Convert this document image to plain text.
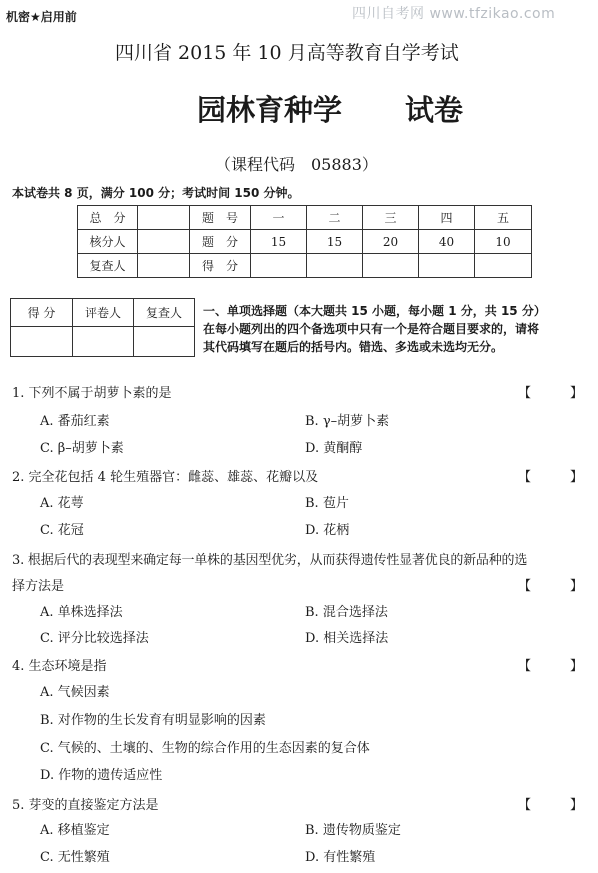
机密★启用前	四川自考网 www.tfzikao.com
四川省 2015 年 10 月高等教育自学考试
园林育种学 试卷
（课程代码　05883）
本试卷共 8 页，满分 100 分；考试时间 150 分钟。
总　分		题　号	一	二	三	四	五
核分人		题　分	15	15	20	40	10
复查人		得　分					
得 分	评卷人	复查人
		一、单项选择题（本大题共 15 小题，每小题 1 分，共 15 分）
在每小题列出的四个备选项中只有一个是符合题目要求的，请将
其代码填写在题后的括号内。错选、多选或未选均无分。
1. 下列不属于胡萝卜素的是	【	】
A. 番茄红素	B. γ–胡萝卜素
C. β–胡萝卜素	D. 黄酮醇
2. 完全花包括 4 轮生殖器官：雌蕊、雄蕊、花瓣以及	【	】
A. 花萼	B. 苞片
C. 花冠	D. 花柄
3. 根据后代的表现型来确定每一单株的基因型优劣，从而获得遗传性显著优良的新品种的选
择方法是	【	】
A. 单株选择法	B. 混合选择法
C. 评分比较选择法	D. 相关选择法
4. 生态环境是指	【	】
A. 气候因素
B. 对作物的生长发育有明显影响的因素
C. 气候的、土壤的、生物的综合作用的生态因素的复合体
D. 作物的遗传适应性
5. 芽变的直接鉴定方法是	【	】
A. 移植鉴定	B. 遗传物质鉴定
C. 无性繁殖	D. 有性繁殖
